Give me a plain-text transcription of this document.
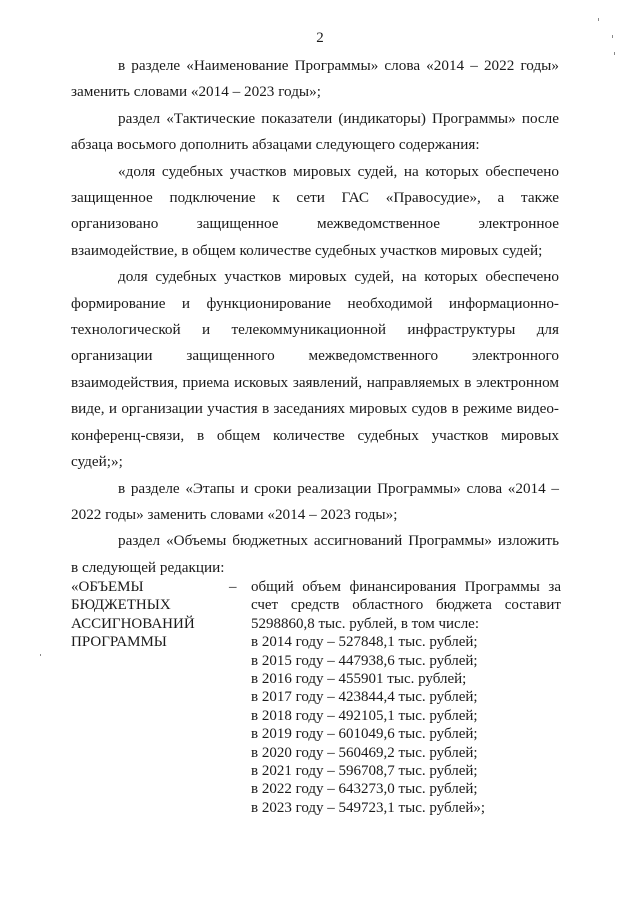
2

в разделе «Наименование Программы» слова «2014 – 2022 годы» заменить словами «2014 – 2023 годы»;

раздел «Тактические показатели (индикаторы) Программы» после абзаца восьмого дополнить абзацами следующего содержания:

«доля судебных участков мировых судей, на которых обеспечено защищенное подключение к сети ГАС «Правосудие», а также организовано защищенное межведомственное электронное взаимодействие, в общем количестве судебных участков мировых судей;

доля судебных участков мировых судей, на которых обеспечено формирование и функционирование необходимой информационно-технологической и телекоммуникационной инфраструктуры для организации защищенного межведомственного электронного взаимодействия, приема исковых заявлений, направляемых в электронном виде, и организации участия в заседаниях мировых судов в режиме видео-конференц-связи, в общем количестве судебных участков мировых судей;»;

в разделе «Этапы и сроки реализации Программы» слова «2014 – 2022 годы» заменить словами «2014 – 2023 годы»;

раздел «Объемы бюджетных ассигнований Программы» изложить в следующей редакции:

«ОБЪЕМЫ
БЮДЖЕТНЫХ
АССИГНОВАНИЙ
ПРОГРАММЫ
– общий объем финансирования Программы за счет средств областного бюджета составит 5298860,8 тыс. рублей, в том числе:
в 2014 году – 527848,1 тыс. рублей;
в 2015 году – 447938,6 тыс. рублей;
в 2016 году – 455901 тыс. рублей;
в 2017 году – 423844,4 тыс. рублей;
в 2018 году – 492105,1 тыс. рублей;
в 2019 году – 601049,6 тыс. рублей;
в 2020 году – 560469,2 тыс. рублей;
в 2021 году – 596708,7 тыс. рублей;
в 2022 году – 643273,0 тыс. рублей;
в 2023 году – 549723,1 тыс. рублей»;
